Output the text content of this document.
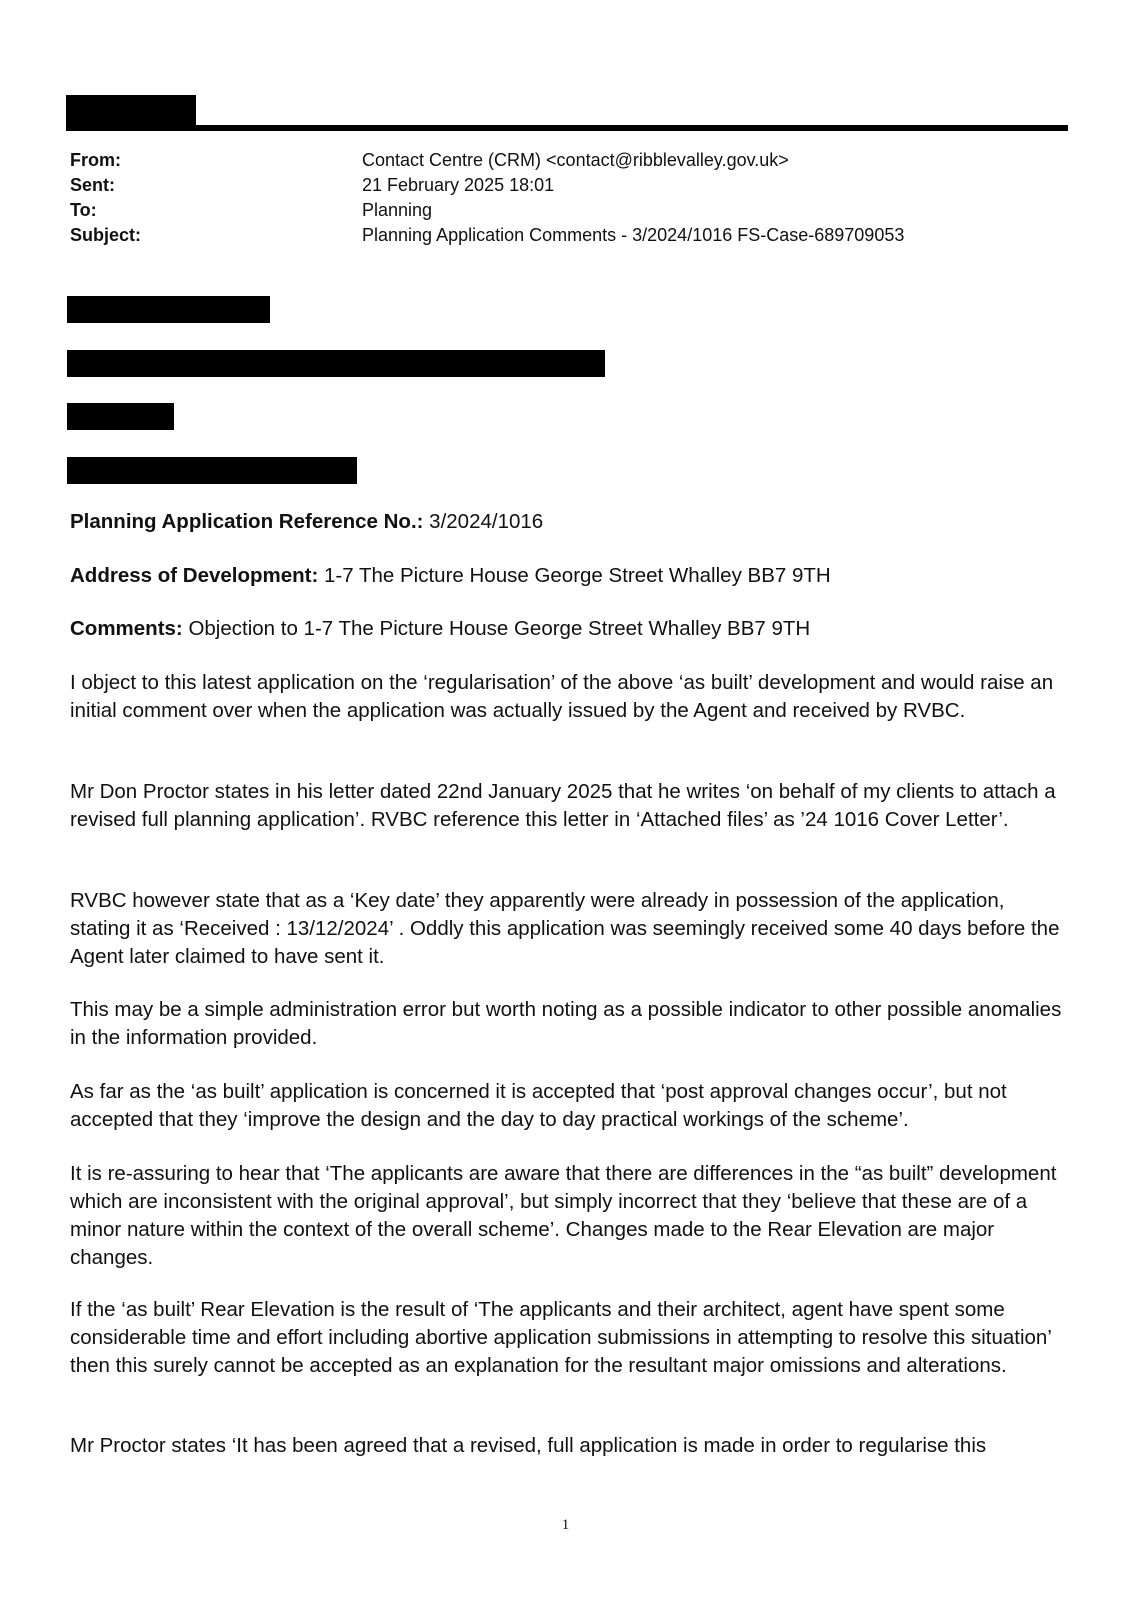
From:	Contact Centre (CRM) <contact@ribblevalley.gov.uk>
Sent:	21 February 2025 18:01
To:	Planning
Subject:	Planning Application Comments - 3/2024/1016 FS-Case-689709053
Planning Application Reference No.: 3/2024/1016
Address of Development: 1-7 The Picture House George Street Whalley BB7 9TH
Comments: Objection to 1-7 The Picture House George Street Whalley BB7 9TH

I object to this latest application on the ‘regularisation’ of the above ‘as built’ development and would raise an initial comment over when the application was actually issued by the Agent and received by RVBC.

Mr Don Proctor states in his letter dated 22nd January 2025 that he writes ‘on behalf of my clients to attach a revised full planning application’. RVBC reference this letter in ‘Attached files’ as ’24 1016 Cover Letter’.

RVBC however state that as a ‘Key date’ they apparently were already in possession of the application, stating it as ‘Received : 13/12/2024’ . Oddly this application was seemingly received some 40 days before the Agent later claimed to have sent it.

This may be a simple administration error but worth noting as a possible indicator to other possible anomalies in the information provided.

As far as the ‘as built’ application is concerned it is accepted that ‘post approval changes occur’, but not accepted that they ‘improve the design and the day to day practical workings of the scheme’.

It is re-assuring to hear that ‘The applicants are aware that there are differences in the “as built” development which are inconsistent with the original approval’, but simply incorrect that they ‘believe that these are of a minor nature within the context of the overall scheme’. Changes made to the Rear Elevation are major changes.

If the ‘as built’ Rear Elevation is the result of ‘The applicants and their architect, agent have spent some considerable time and effort including abortive application submissions in attempting to resolve this situation’ then this surely cannot be accepted as an explanation for the resultant major omissions and alterations.

Mr Proctor states ‘It has been agreed that a revised, full application is made in order to regularise this

1
